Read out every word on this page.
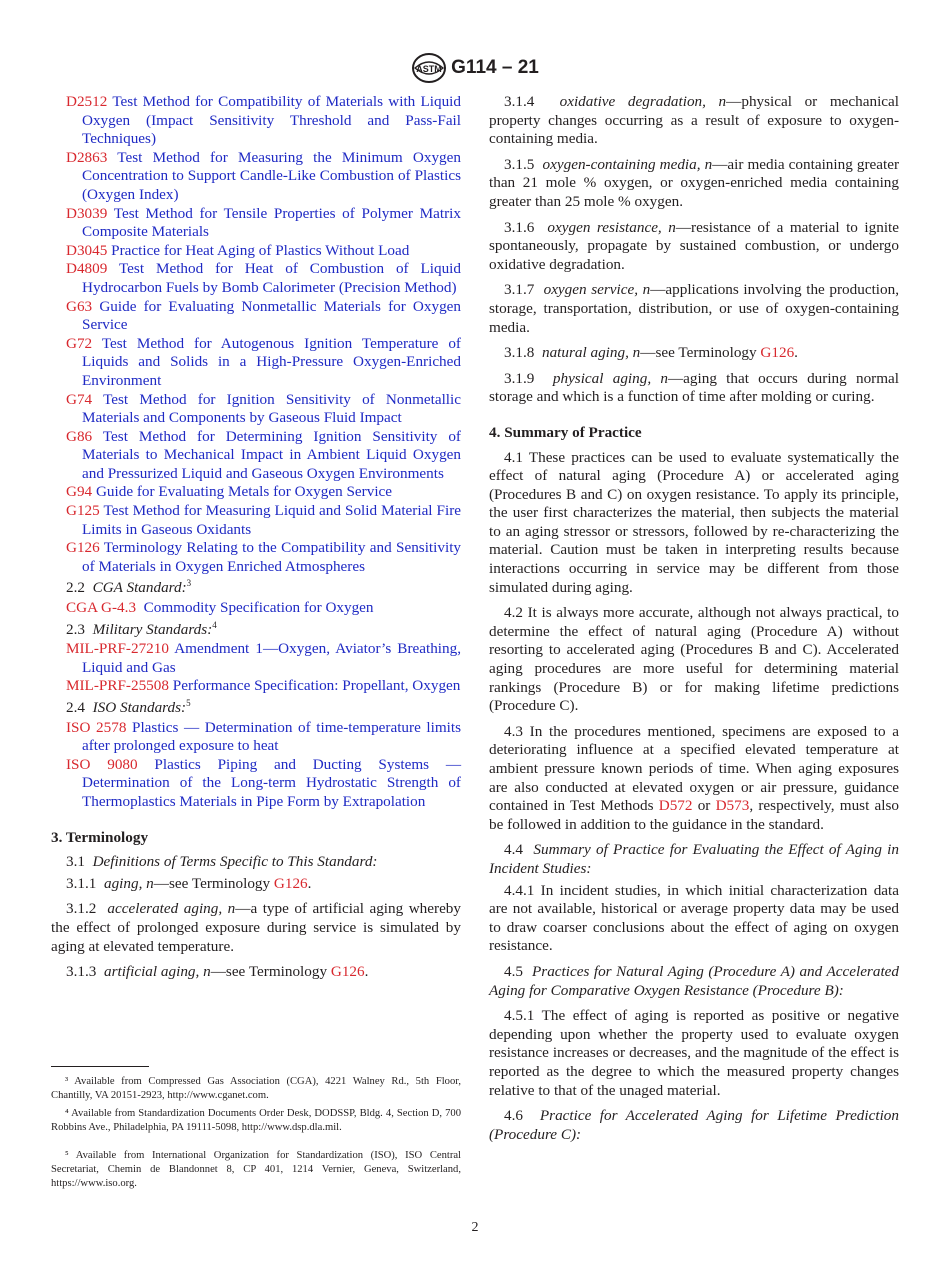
ASTM G114 – 21

D2512 Test Method for Compatibility of Materials with Liquid Oxygen (Impact Sensitivity Threshold and Pass-Fail Techniques)

D2863 Test Method for Measuring the Minimum Oxygen Concentration to Support Candle-Like Combustion of Plastics (Oxygen Index)

D3039 Test Method for Tensile Properties of Polymer Matrix Composite Materials

D3045 Practice for Heat Aging of Plastics Without Load

D4809 Test Method for Heat of Combustion of Liquid Hydrocarbon Fuels by Bomb Calorimeter (Precision Method)

G63 Guide for Evaluating Nonmetallic Materials for Oxygen Service

G72 Test Method for Autogenous Ignition Temperature of Liquids and Solids in a High-Pressure Oxygen-Enriched Environment

G74 Test Method for Ignition Sensitivity of Nonmetallic Materials and Components by Gaseous Fluid Impact

G86 Test Method for Determining Ignition Sensitivity of Materials to Mechanical Impact in Ambient Liquid Oxygen and Pressurized Liquid and Gaseous Oxygen Environments

G94 Guide for Evaluating Metals for Oxygen Service

G125 Test Method for Measuring Liquid and Solid Material Fire Limits in Gaseous Oxidants

G126 Terminology Relating to the Compatibility and Sensitivity of Materials in Oxygen Enriched Atmospheres

2.2 CGA Standard:$^3$

CGA G-4.3 Commodity Specification for Oxygen

2.3 Military Standards:$^4$

MIL-PRF-27210 Amendment 1—Oxygen, Aviator’s Breathing, Liquid and Gas

MIL-PRF-25508 Performance Specification: Propellant, Oxygen

2.4 ISO Standards:$^5$

ISO 2578 Plastics — Determination of time-temperature limits after prolonged exposure to heat

ISO 9080 Plastics Piping and Ducting Systems — Determination of the Long-term Hydrostatic Strength of Thermoplastics Materials in Pipe Form by Extrapolation

3. Terminology

3.1 Definitions of Terms Specific to This Standard:

3.1.1 aging, n—see Terminology G126.

3.1.2 accelerated aging, n—a type of artificial aging whereby the effect of prolonged exposure during service is simulated by aging at elevated temperature.

3.1.3 artificial aging, n—see Terminology G126.

³ Available from Compressed Gas Association (CGA), 4221 Walney Rd., 5th Floor, Chantilly, VA 20151-2923, http://www.cganet.com.

⁴ Available from Standardization Documents Order Desk, DODSSP, Bldg. 4, Section D, 700 Robbins Ave., Philadelphia, PA 19111-5098, http://www.dsp.dla.mil.

⁵ Available from International Organization for Standardization (ISO), ISO Central Secretariat, Chemin de Blandonnet 8, CP 401, 1214 Vernier, Geneva, Switzerland, https://www.iso.org.

3.1.4 oxidative degradation, n—physical or mechanical property changes occurring as a result of exposure to oxygen-containing media.

3.1.5 oxygen-containing media, n—air media containing greater than 21 mole % oxygen, or oxygen-enriched media containing greater than 25 mole % oxygen.

3.1.6 oxygen resistance, n—resistance of a material to ignite spontaneously, propagate by sustained combustion, or undergo oxidative degradation.

3.1.7 oxygen service, n—applications involving the production, storage, transportation, distribution, or use of oxygen-containing media.

3.1.8 natural aging, n—see Terminology G126.

3.1.9 physical aging, n—aging that occurs during normal storage and which is a function of time after molding or curing.

4. Summary of Practice

4.1 These practices can be used to evaluate systematically the effect of natural aging (Procedure A) or accelerated aging (Procedures B and C) on oxygen resistance. To apply its principle, the user first characterizes the material, then subjects the material to an aging stressor or stressors, followed by re-characterizing the material. Caution must be taken in interpreting results because interactions occurring in service may be different from those simulated during aging.

4.2 It is always more accurate, although not always practical, to determine the effect of natural aging (Procedure A) without resorting to accelerated aging (Procedures B and C). Accelerated aging procedures are more useful for determining material rankings (Procedure B) or for making lifetime predictions (Procedure C).

4.3 In the procedures mentioned, specimens are exposed to a deteriorating influence at a specified elevated temperature at ambient pressure known periods of time. When aging exposures are also conducted at elevated oxygen or air pressure, guidance contained in Test Methods D572 or D573, respectively, must also be followed in addition to the guidance in the standard.

4.4 Summary of Practice for Evaluating the Effect of Aging in Incident Studies:

4.4.1 In incident studies, in which initial characterization data are not available, historical or average property data may be used to draw coarser conclusions about the effect of aging on oxygen resistance.

4.5 Practices for Natural Aging (Procedure A) and Accelerated Aging for Comparative Oxygen Resistance (Procedure B):

4.5.1 The effect of aging is reported as positive or negative depending upon whether the property used to evaluate oxygen resistance increases or decreases, and the magnitude of the effect is reported as the degree to which the measured property changes relative to that of the unaged material.

4.6 Practice for Accelerated Aging for Lifetime Prediction (Procedure C):

2
